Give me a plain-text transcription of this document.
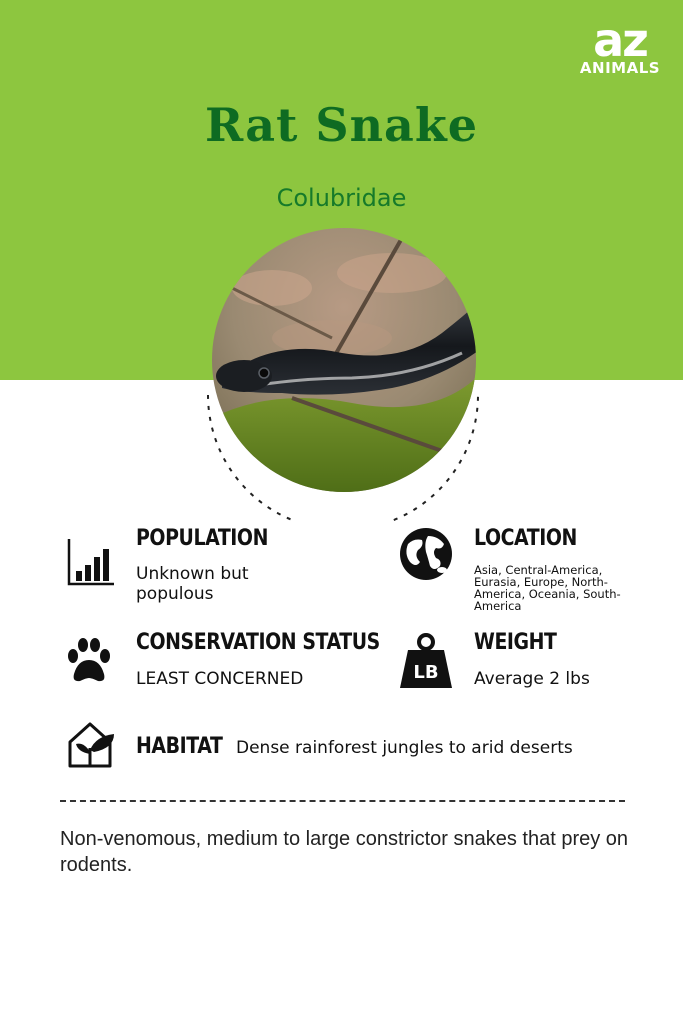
az
ANIMALS
Rat Snake
Colubridae
POPULATION
Unknown but populous
LOCATION
Asia, Central-America, Eurasia, Europe, North-America, Oceania, South-America
CONSERVATION STATUS
LEAST CONCERNED	LB
WEIGHT
Average 2 lbs
HABITAT Dense rainforest jungles to arid deserts
Non-venomous, medium to large constrictor snakes that prey on rodents.
